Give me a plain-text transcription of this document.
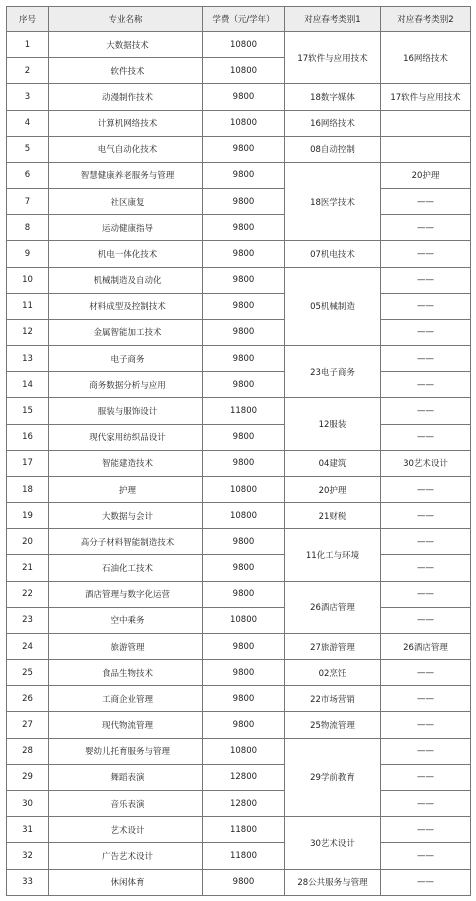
序号	专业名称	学费（元/学年）	对应春考类别1	对应春考类别2
1	大数据技术	10800	17软件与应用技术	16网络技术
2	软件技术	10800		
3	动漫制作技术	9800	18数字媒体	17软件与应用技术
4	计算机网络技术	10800	16网络技术	
5	电气自动化技术	9800	08自动控制	
6	智慧健康养老服务与管理	9800	18医学技术	20护理
7	社区康复	9800		——
8	运动健康指导	9800		——
9	机电一体化技术	9800	07机电技术	——
10	机械制造及自动化	9800	05机械制造	——
11	材料成型及控制技术	9800		——
12	金属智能加工技术	9800		——
13	电子商务	9800	23电子商务	——
14	商务数据分析与应用	9800		——
15	服装与服饰设计	11800	12服装	——
16	现代家用纺织品设计	9800		——
17	智能建造技术	9800	04建筑	30艺术设计
18	护理	10800	20护理	——
19	大数据与会计	10800	21财税	——
20	高分子材料智能制造技术	9800	11化工与环境	——
21	石油化工技术	9800		——
22	酒店管理与数字化运营	9800	26酒店管理	——
23	空中乘务	10800		——
24	旅游管理	9800	27旅游管理	26酒店管理
25	食品生物技术	9800	02烹饪	——
26	工商企业管理	9800	22市场营销	——
27	现代物流管理	9800	25物流管理	——
28	婴幼儿托育服务与管理	10800	29学前教育	——
29	舞蹈表演	12800		——
30	音乐表演	12800		——
31	艺术设计	11800	30艺术设计	——
32	广告艺术设计	11800		——
33	休闲体育	9800	28公共服务与管理	——
